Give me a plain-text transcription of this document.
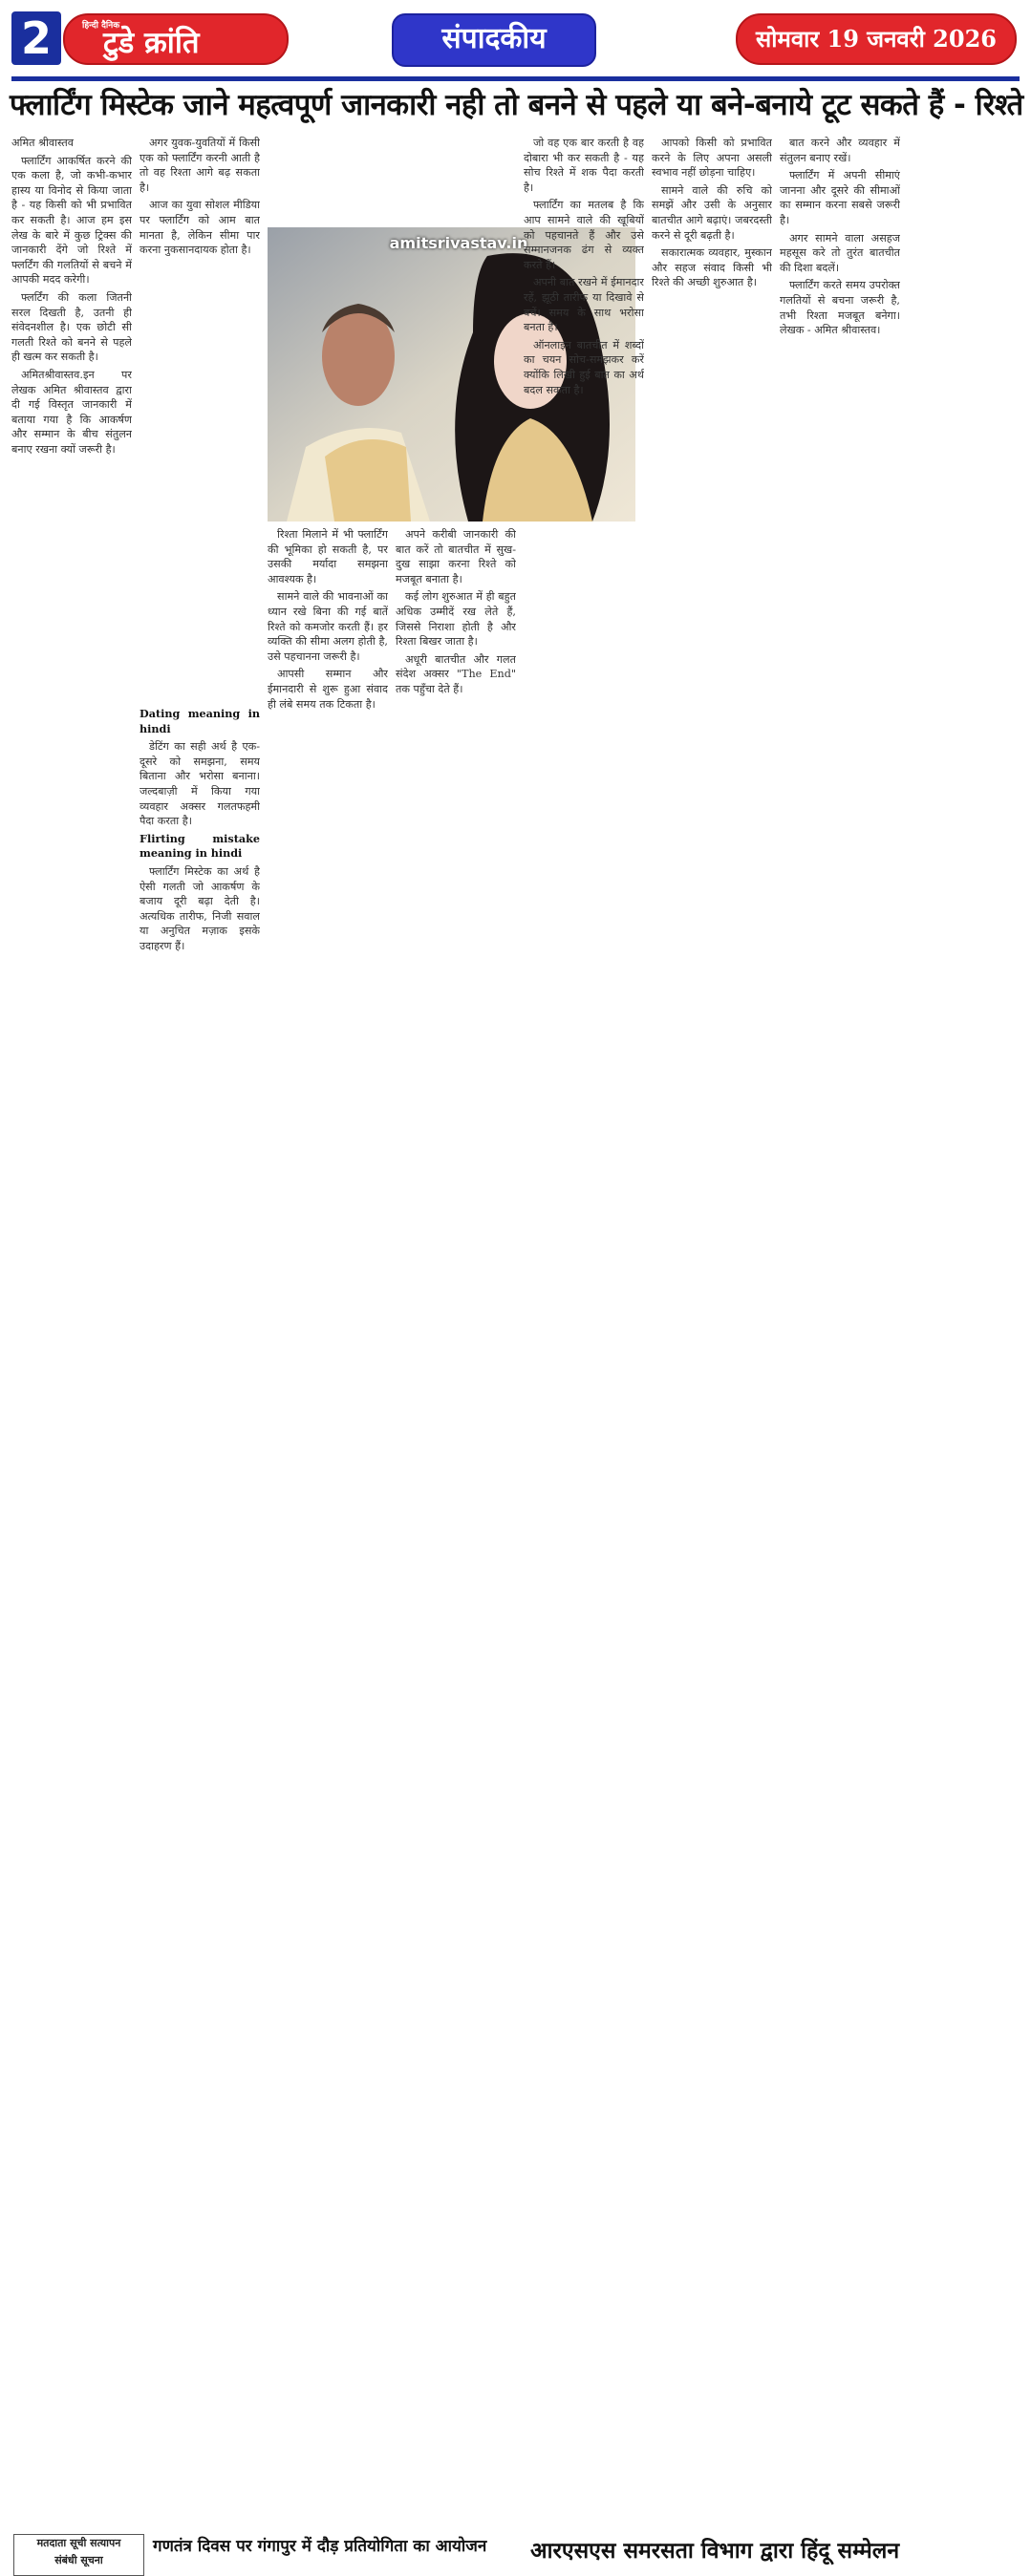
2	हिन्दी दैनिक
टुडे क्रांति	संपादकीय	सोमवार 19 जनवरी 2026
फ्लार्टिंग मिस्टेक जाने महत्वपूर्ण जानकारी नही तो बनने से पहले या बने-बनाये टूट सकते हैं - रिश्ते

अमित श्रीवास्तव

फ्लार्टिंग आकर्षित करने की एक कला है, जो कभी-कभार हास्य या विनोद से किया जाता है - यह किसी को भी प्रभावित कर सकती है। आज हम इस लेख के बारे में कुछ ट्रिक्स की जानकारी देंगे जो रिश्ते में फ्लर्टिंग की गलतियों से बचने में आपकी मदद करेगी।

फ्लर्टिंग की कला जितनी सरल दिखती है, उतनी ही संवेदनशील है। एक छोटी सी गलती रिश्ते को बनने से पहले ही खत्म कर सकती है।

अमितश्रीवास्तव.इन पर लेखक अमित श्रीवास्तव द्वारा दी गई विस्तृत जानकारी में बताया गया है कि आकर्षण और सम्मान के बीच संतुलन बनाए रखना क्यों जरूरी है।

अगर युवक-युवतियों में किसी एक को फ्लार्टिंग करनी आती है तो वह रिश्ता आगे बढ़ सकता है।

आज का युवा सोशल मीडिया पर फ्लार्टिंग को आम बात मानता है, लेकिन सीमा पार करना नुकसानदायक होता है।	amitsrivastav.in

Dating meaning in hindi

डेटिंग का सही अर्थ है एक-दूसरे को समझना, समय बिताना और भरोसा बनाना। जल्दबाज़ी में किया गया व्यवहार अक्सर गलतफहमी पैदा करता है।

Flirting mistake meaning in hindi

फ्लार्टिंग मिस्टेक का अर्थ है ऐसी गलती जो आकर्षण के बजाय दूरी बढ़ा देती है। अत्यधिक तारीफ, निजी सवाल या अनुचित मज़ाक इसके उदाहरण हैं।

रिश्ता मिलाने में भी फ्लार्टिंग की भूमिका हो सकती है, पर उसकी मर्यादा समझना आवश्यक है।

सामने वाले की भावनाओं का ध्यान रखे बिना की गई बातें रिश्ते को कमजोर करती हैं। हर व्यक्ति की सीमा अलग होती है, उसे पहचानना जरूरी है।

आपसी सम्मान और ईमानदारी से शुरू हुआ संवाद ही लंबे समय तक टिकता है।

अपने करीबी जानकारी की बात करें तो बातचीत में सुख-दुख साझा करना रिश्ते को मजबूत बनाता है।

कई लोग शुरुआत में ही बहुत अधिक उम्मीदें रख लेते हैं, जिससे निराशा होती है और रिश्ता बिखर जाता है।

अधूरी बातचीत और गलत संदेश अक्सर "The End" तक पहुँचा देते हैं।

जो वह एक बार करती है वह दोबारा भी कर सकती है - यह सोच रिश्ते में शक पैदा करती है।

फ्लार्टिंग का मतलब है कि आप सामने वाले की खूबियों को पहचानते हैं और उसे सम्मानजनक ढंग से व्यक्त करते हैं।

अपनी बात रखने में ईमानदार रहें, झूठी तारीफ या दिखावे से बचें। समय के साथ भरोसा बनता है।

ऑनलाइन बातचीत में शब्दों का चयन सोच-समझकर करें क्योंकि लिखी हुई बात का अर्थ बदल सकता है।

आपको किसी को प्रभावित करने के लिए अपना असली स्वभाव नहीं छोड़ना चाहिए।

सामने वाले की रुचि को समझें और उसी के अनुसार बातचीत आगे बढ़ाएं। जबरदस्ती करने से दूरी बढ़ती है।

सकारात्मक व्यवहार, मुस्कान और सहज संवाद किसी भी रिश्ते की अच्छी शुरुआत है।

बात करने और व्यवहार में संतुलन बनाए रखें।

फ्लार्टिंग में अपनी सीमाएं जानना और दूसरे की सीमाओं का सम्मान करना सबसे जरूरी है।

अगर सामने वाला असहज महसूस करे तो तुरंत बातचीत की दिशा बदलें।

फ्लार्टिंग करते समय उपरोक्त गलतियों से बचना जरूरी है, तभी रिश्ता मजबूत बनेगा। लेखक - अमित श्रीवास्तव।

मतदाता सूची सत्यापन
संबंधी सूचना
गणतंत्र दिवस पर गंगापुर में दौड़ प्रतियोगिता का आयोजन	आरएसएस समरसता विभाग द्वारा हिंदू सम्मेलन
